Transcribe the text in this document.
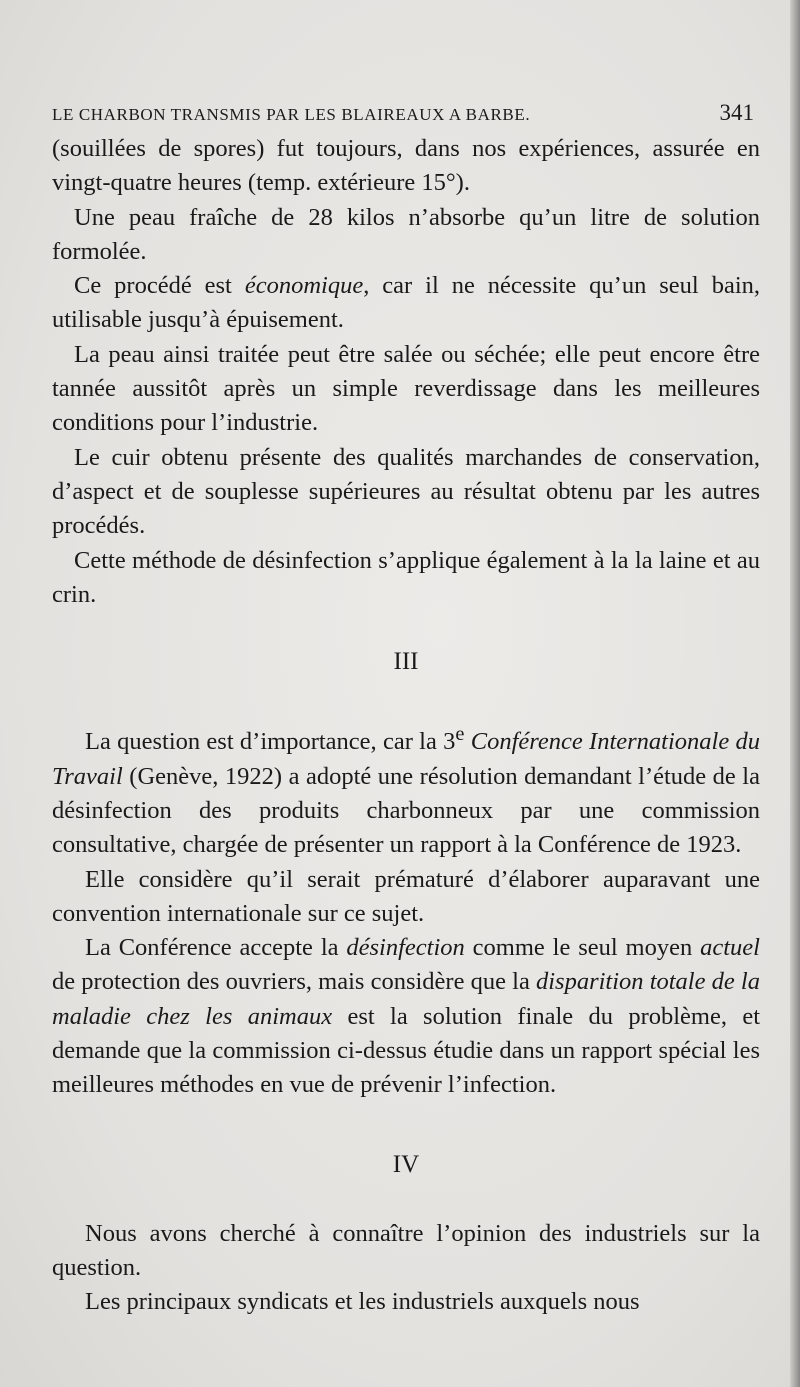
LE CHARBON TRANSMIS PAR LES BLAIREAUX A BARBE.	341

(souillées de spores) fut toujours, dans nos expériences, assurée en vingt-quatre heures (temp. extérieure 15°).

Une peau fraîche de 28 kilos n’absorbe qu’un litre de solution formolée.

Ce procédé est économique, car il ne nécessite qu’un seul bain, utilisable jusqu’à épuisement.

La peau ainsi traitée peut être salée ou séchée; elle peut encore être tannée aussitôt après un simple reverdissage dans les meilleures conditions pour l’industrie.

Le cuir obtenu présente des qualités marchandes de conservation, d’aspect et de souplesse supérieures au résultat obtenu par les autres procédés.

Cette méthode de désinfection s’applique également à la la laine et au crin.

III

La question est d’importance, car la 3e Conférence Internationale du Travail (Genève, 1922) a adopté une résolution demandant l’étude de la désinfection des produits charbonneux par une commission consultative, chargée de présenter un rapport à la Conférence de 1923.

Elle considère qu’il serait prématuré d’élaborer auparavant une convention internationale sur ce sujet.

La Conférence accepte la désinfection comme le seul moyen actuel de protection des ouvriers, mais considère que la disparition totale de la maladie chez les animaux est la solution finale du problème, et demande que la commission ci-dessus étudie dans un rapport spécial les meilleures méthodes en vue de prévenir l’infection.

IV

Nous avons cherché à connaître l’opinion des industriels sur la question.

Les principaux syndicats et les industriels auxquels nous
